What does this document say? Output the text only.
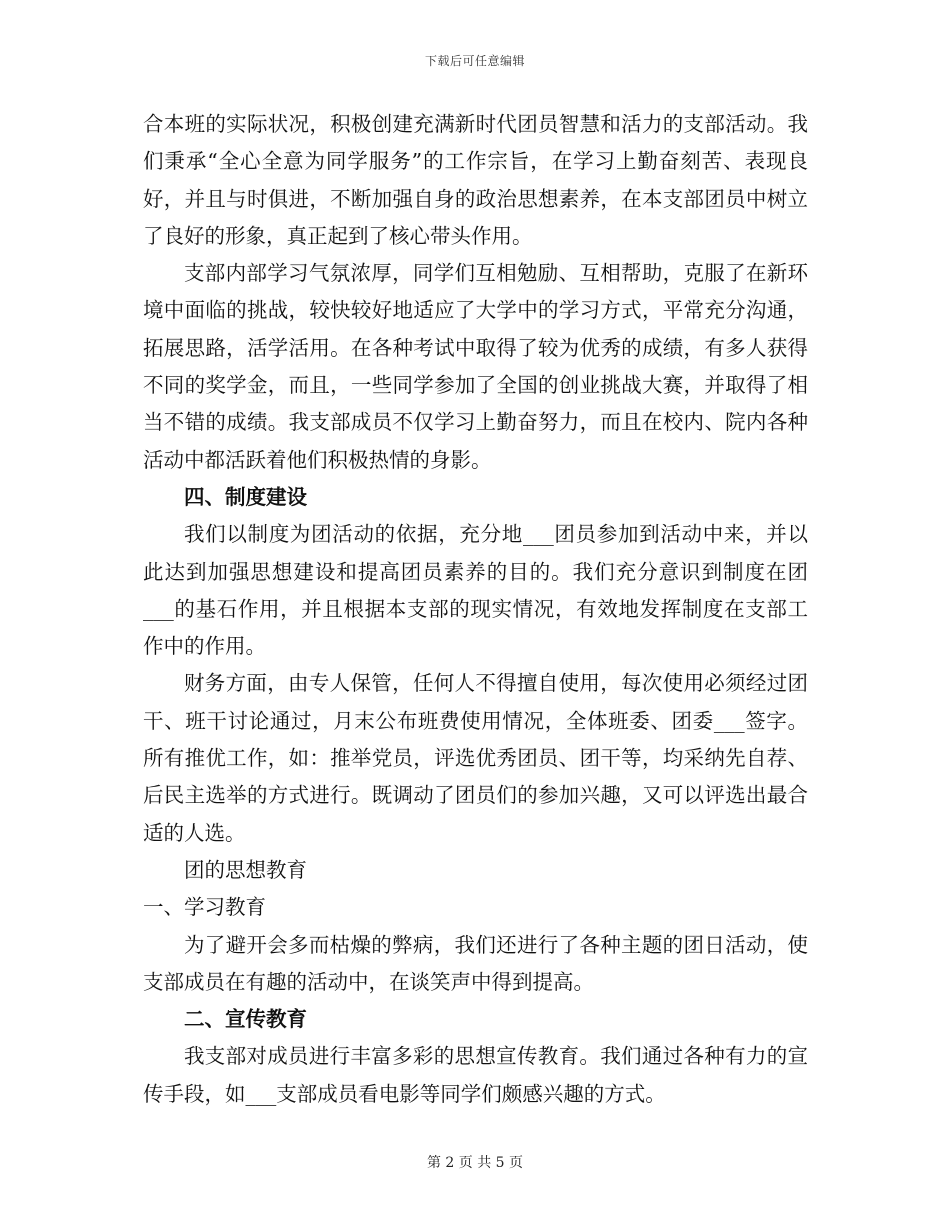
下载后可任意编辑

合本班的实际状况，积极创建充满新时代团员智慧和活力的支部活动。我们秉承“全心全意为同学服务”的工作宗旨，在学习上勤奋刻苦、表现良好，并且与时俱进，不断加强自身的政治思想素养，在本支部团员中树立了良好的形象，真正起到了核心带头作用。

支部内部学习气氛浓厚，同学们互相勉励、互相帮助，克服了在新环境中面临的挑战，较快较好地适应了大学中的学习方式，平常充分沟通，拓展思路，活学活用。在各种考试中取得了较为优秀的成绩，有多人获得不同的奖学金，而且，一些同学参加了全国的创业挑战大赛，并取得了相当不错的成绩。我支部成员不仅学习上勤奋努力，而且在校内、院内各种活动中都活跃着他们积极热情的身影。

四、制度建设

我们以制度为团活动的依据，充分地___团员参加到活动中来，并以此达到加强思想建设和提高团员素养的目的。我们充分意识到制度在团___的基石作用，并且根据本支部的现实情况，有效地发挥制度在支部工作中的作用。

财务方面，由专人保管，任何人不得擅自使用，每次使用必须经过团干、班干讨论通过，月末公布班费使用情况，全体班委、团委___签字。所有推优工作，如：推举党员，评选优秀团员、团干等，均采纳先自荐、后民主选举的方式进行。既调动了团员们的参加兴趣，又可以评选出最合适的人选。

团的思想教育

一、学习教育

为了避开会多而枯燥的弊病，我们还进行了各种主题的团日活动，使支部成员在有趣的活动中，在谈笑声中得到提高。

二、宣传教育

我支部对成员进行丰富多彩的思想宣传教育。我们通过各种有力的宣传手段，如___支部成员看电影等同学们颇感兴趣的方式。

第 2 页 共 5 页
